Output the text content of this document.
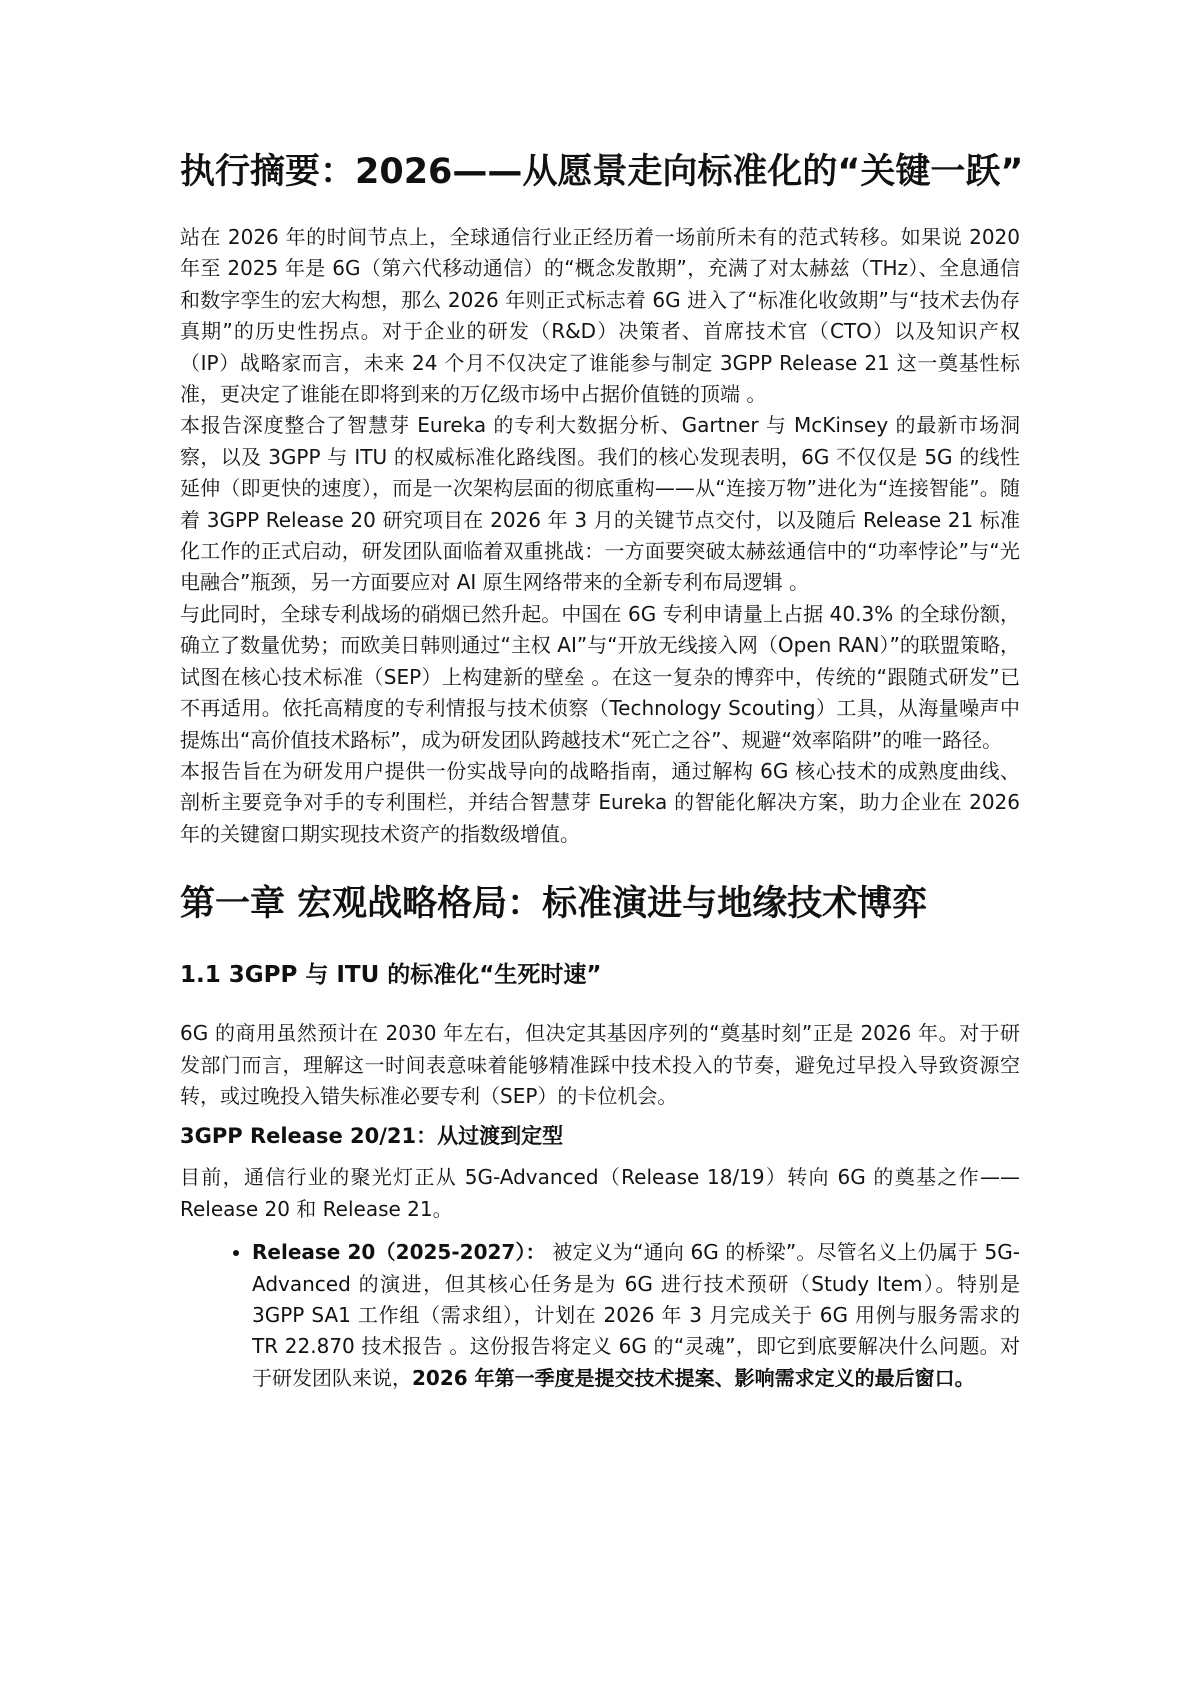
执行摘要：2026——从愿景走向标准化的“关键一跃”

站在 2026 年的时间节点上，全球通信行业正经历着一场前所未有的范式转移。如果说 2020 年至 2025 年是 6G（第六代移动通信）的“概念发散期”，充满了对太赫兹（THz）、全息通信和数字孪生的宏大构想，那么 2026 年则正式标志着 6G 进入了“标准化收敛期”与“技术去伪存真期”的历史性拐点。对于企业的研发（R&D）决策者、首席技术官（CTO）以及知识产权（IP）战略家而言，未来 24 个月不仅决定了谁能参与制定 3GPP Release 21 这一奠基性标准，更决定了谁能在即将到来的万亿级市场中占据价值链的顶端 。

本报告深度整合了智慧芽 Eureka 的专利大数据分析、Gartner 与 McKinsey 的最新市场洞察，以及 3GPP 与 ITU 的权威标准化路线图。我们的核心发现表明，6G 不仅仅是 5G 的线性延伸（即更快的速度），而是一次架构层面的彻底重构——从“连接万物”进化为“连接智能”。随着 3GPP Release 20 研究项目在 2026 年 3 月的关键节点交付，以及随后 Release 21 标准化工作的正式启动，研发团队面临着双重挑战：一方面要突破太赫兹通信中的“功率悖论”与“光电融合”瓶颈，另一方面要应对 AI 原生网络带来的全新专利布局逻辑 。

与此同时，全球专利战场的硝烟已然升起。中国在 6G 专利申请量上占据 40.3% 的全球份额，确立了数量优势；而欧美日韩则通过“主权 AI”与“开放无线接入网（Open RAN）”的联盟策略，试图在核心技术标准（SEP）上构建新的壁垒 。在这一复杂的博弈中，传统的“跟随式研发”已不再适用。依托高精度的专利情报与技术侦察（Technology Scouting）工具，从海量噪声中提炼出“高价值技术路标”，成为研发团队跨越技术“死亡之谷”、规避“效率陷阱”的唯一路径。

本报告旨在为研发用户提供一份实战导向的战略指南，通过解构 6G 核心技术的成熟度曲线、剖析主要竞争对手的专利围栏，并结合智慧芽 Eureka 的智能化解决方案，助力企业在 2026 年的关键窗口期实现技术资产的指数级增值。

第一章 宏观战略格局：标准演进与地缘技术博弈
1.1 3GPP 与 ITU 的标准化“生死时速”

6G 的商用虽然预计在 2030 年左右，但决定其基因序列的“奠基时刻”正是 2026 年。对于研发部门而言，理解这一时间表意味着能够精准踩中技术投入的节奏，避免过早投入导致资源空转，或过晚投入错失标准必要专利（SEP）的卡位机会。

3GPP Release 20/21：从过渡到定型

目前，通信行业的聚光灯正从 5G-Advanced（Release 18/19）转向 6G 的奠基之作——Release 20 和 Release 21。

• Release 20（2025-2027）： 被定义为“通向 6G 的桥梁”。尽管名义上仍属于 5G-Advanced 的演进，但其核心任务是为 6G 进行技术预研（Study Item）。特别是 3GPP SA1 工作组（需求组），计划在 2026 年 3 月完成关于 6G 用例与服务需求的 TR 22.870 技术报告 。这份报告将定义 6G 的“灵魂”，即它到底要解决什么问题。对于研发团队来说，2026 年第一季度是提交技术提案、影响需求定义的最后窗口。
